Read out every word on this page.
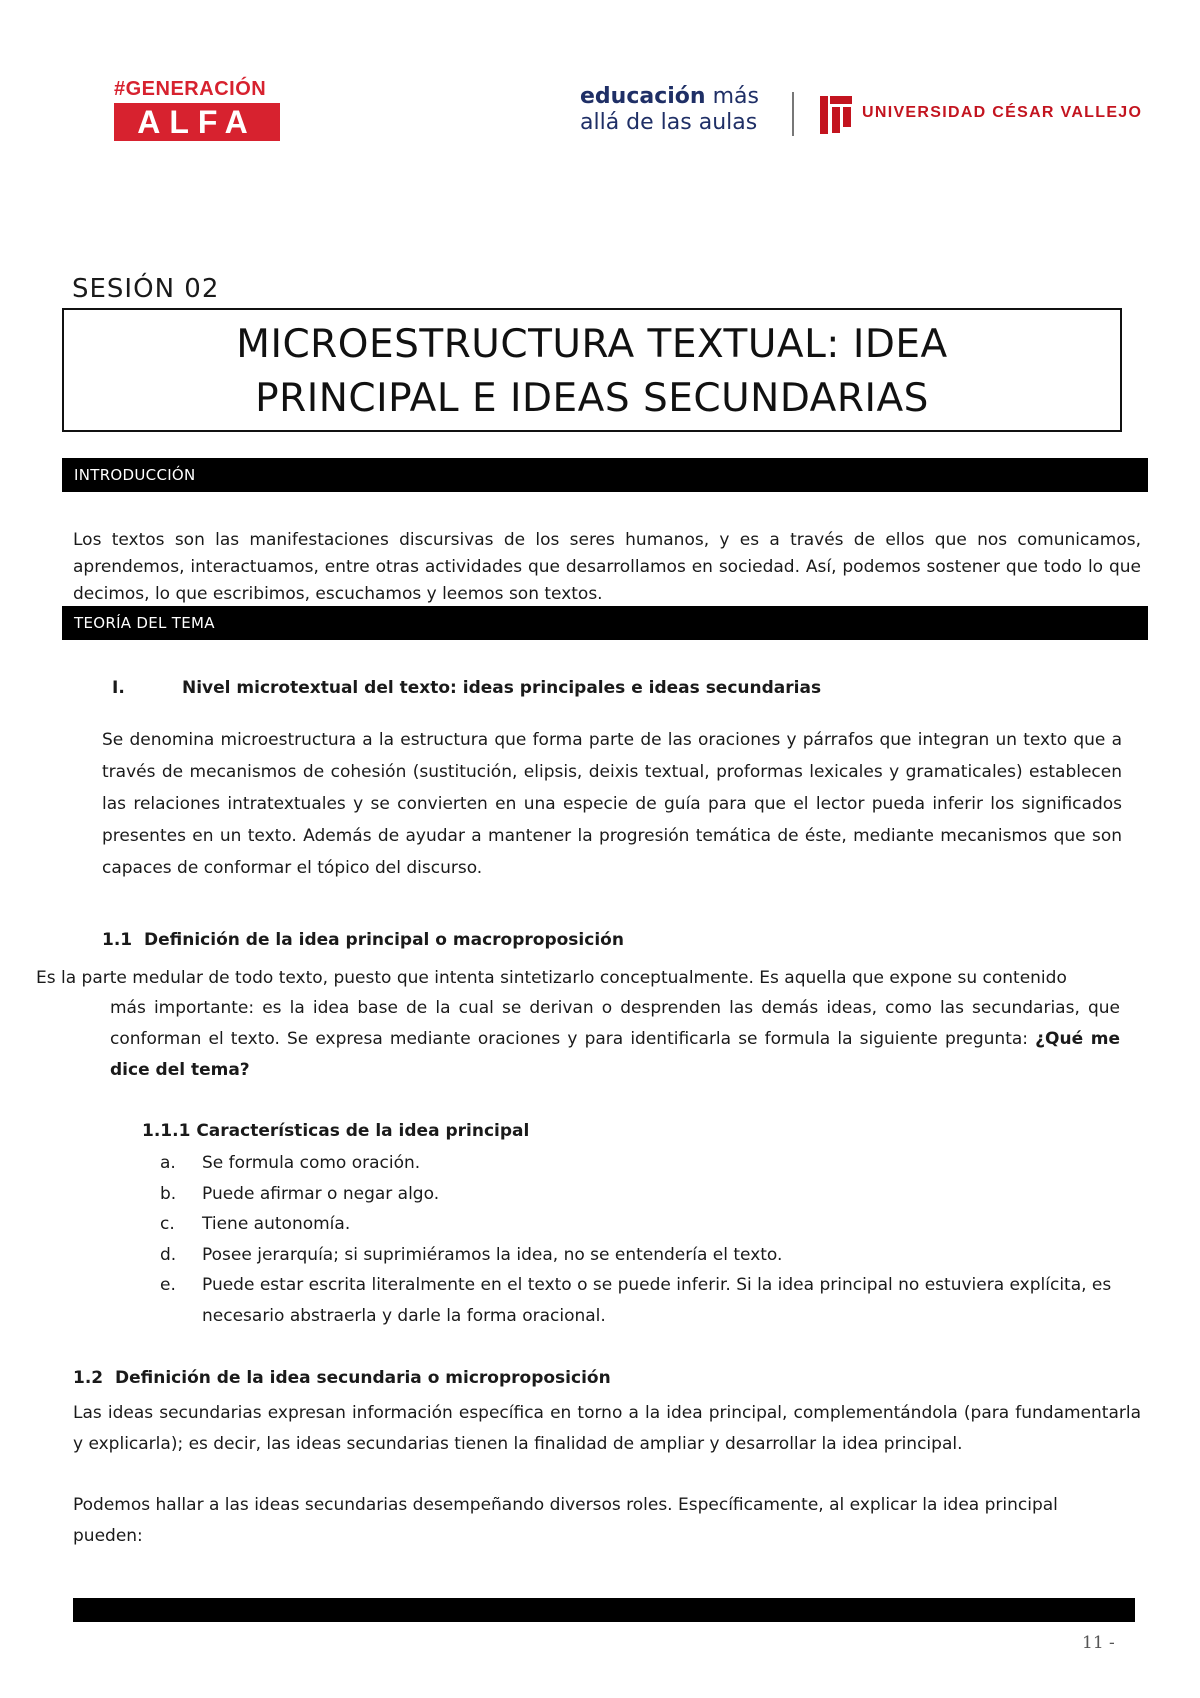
#GENERACIÓN
ALFA
educación más
allá de las aulas	UNIVERSIDAD CÉSAR VALLEJO
SESIÓN 02
MICROESTRUCTURA TEXTUAL: IDEA
PRINCIPAL E IDEAS SECUNDARIAS
INTRODUCCIÓN
Los textos son las manifestaciones discursivas de los seres humanos, y es a través de ellos que nos comunicamos, aprendemos, interactuamos, entre otras actividades que desarrollamos en sociedad. Así, podemos sostener que todo lo que decimos, lo que escribimos, escuchamos y leemos son textos.
TEORÍA DEL TEMA
I.	Nivel microtextual del texto: ideas principales e ideas secundarias
Se denomina microestructura a la estructura que forma parte de las oraciones y párrafos que integran un texto que a través de mecanismos de cohesión (sustitución, elipsis, deixis textual, proformas lexicales y gramaticales) establecen las relaciones intratextuales y se convierten en una especie de guía para que el lector pueda inferir los significados presentes en un texto. Además de ayudar a mantener la progresión temática de éste, mediante mecanismos que son capaces de conformar el tópico del discurso.
1.1 Definición de la idea principal o macroproposición
Es la parte medular de todo texto, puesto que intenta sintetizarlo conceptualmente. Es aquella que expone su contenido
más importante: es la idea base de la cual se derivan o desprenden las demás ideas, como las secundarias, que conforman el texto. Se expresa mediante oraciones y para identificarla se formula la siguiente pregunta: ¿Qué me dice del tema?
1.1.1 Características de la idea principal
a. Se formula como oración.
b. Puede afirmar o negar algo.
c. Tiene autonomía.
d. Posee jerarquía; si suprimiéramos la idea, no se entendería el texto.
e. Puede estar escrita literalmente en el texto o se puede inferir. Si la idea principal no estuviera explícita, es necesario abstraerla y darle la forma oracional.
1.2 Definición de la idea secundaria o microproposición
Las ideas secundarias expresan información específica en torno a la idea principal, complementándola (para fundamentarla y explicarla); es decir, las ideas secundarias tienen la finalidad de ampliar y desarrollar la idea principal.
Podemos hallar a las ideas secundarias desempeñando diversos roles. Específicamente, al explicar la idea principal pueden:
11 -
